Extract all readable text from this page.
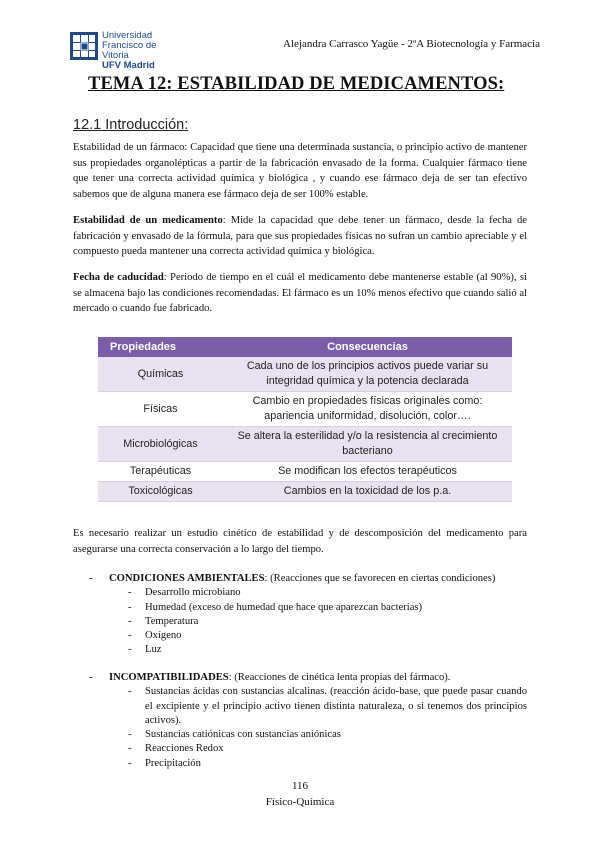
Universidad
Francisco de Vitoria
UFV Madrid
Alejandra Carrasco Yagüe - 2ºA Biotecnología y Farmacia
TEMA 12: ESTABILIDAD DE MEDICAMENTOS:
12.1 Introducción:
Estabilidad de un fármaco: Capacidad que tiene una determinada sustancia, o principio activo de mantener sus propiedades organolépticas a partir de la fabricación envasado de la forma. Cualquier fármaco tiene que tener una correcta actividad química y biológica , y cuando ese fármaco deja de ser tan efectivo sabemos que de alguna manera ese fármaco deja de ser 100% estable.
Estabilidad de un medicamento: Mide la capacidad que debe tener un fármaco, desde la fecha de fabricación y envasado de la fórmula, para que sus propiedades físicas no sufran un cambio apreciable y el compuesto pueda mantener una correcta actividad química y biológica.
Fecha de caducidad: Periodo de tiempo en el cuál el medicamento debe mantenerse estable (al 90%), si se almacena bajo las condiciones recomendadas. El fármaco es un 10% menos efectivo que cuando salió al mercado o cuando fue fabricado.
Propiedades	Consecuencias
Químicas	Cada uno de los principios activos puede variar su integridad química y la potencia declarada
Físicas	Cambio en propiedades físicas originales como: apariencia uniformidad, disolución, color….
Microbiológicas	Se altera la esterilidad y/o la resistencia al crecimiento bacteriano
Terapéuticas	Se modifican los efectos terapéuticos
Toxicológicas	Cambios en la toxicidad de los p.a.
Es necesario realizar un estudio cinético de estabilidad y de descomposición del medicamento para asegurarse una correcta conservación a lo largo del tiempo.
- CONDICIONES AMBIENTALES: (Reacciones que se favorecen en ciertas condiciones)
- Desarrollo microbiano
- Humedad (exceso de humedad que hace que aparezcan bacterias)
- Temperatura
- Oxígeno
- Luz
- INCOMPATIBILIDADES: (Reacciones de cinética lenta propias del fármaco).
- Sustancias ácidas con sustancias alcalinas. (reacción ácido-base, que puede pasar cuando el excipiente y el principio activo tienen distinta naturaleza, o si tenemos dos principios activos).
- Sustancias catiónicas con sustancias aniónicas
- Reacciones Redox
- Precipitación
116
Físico-Química
